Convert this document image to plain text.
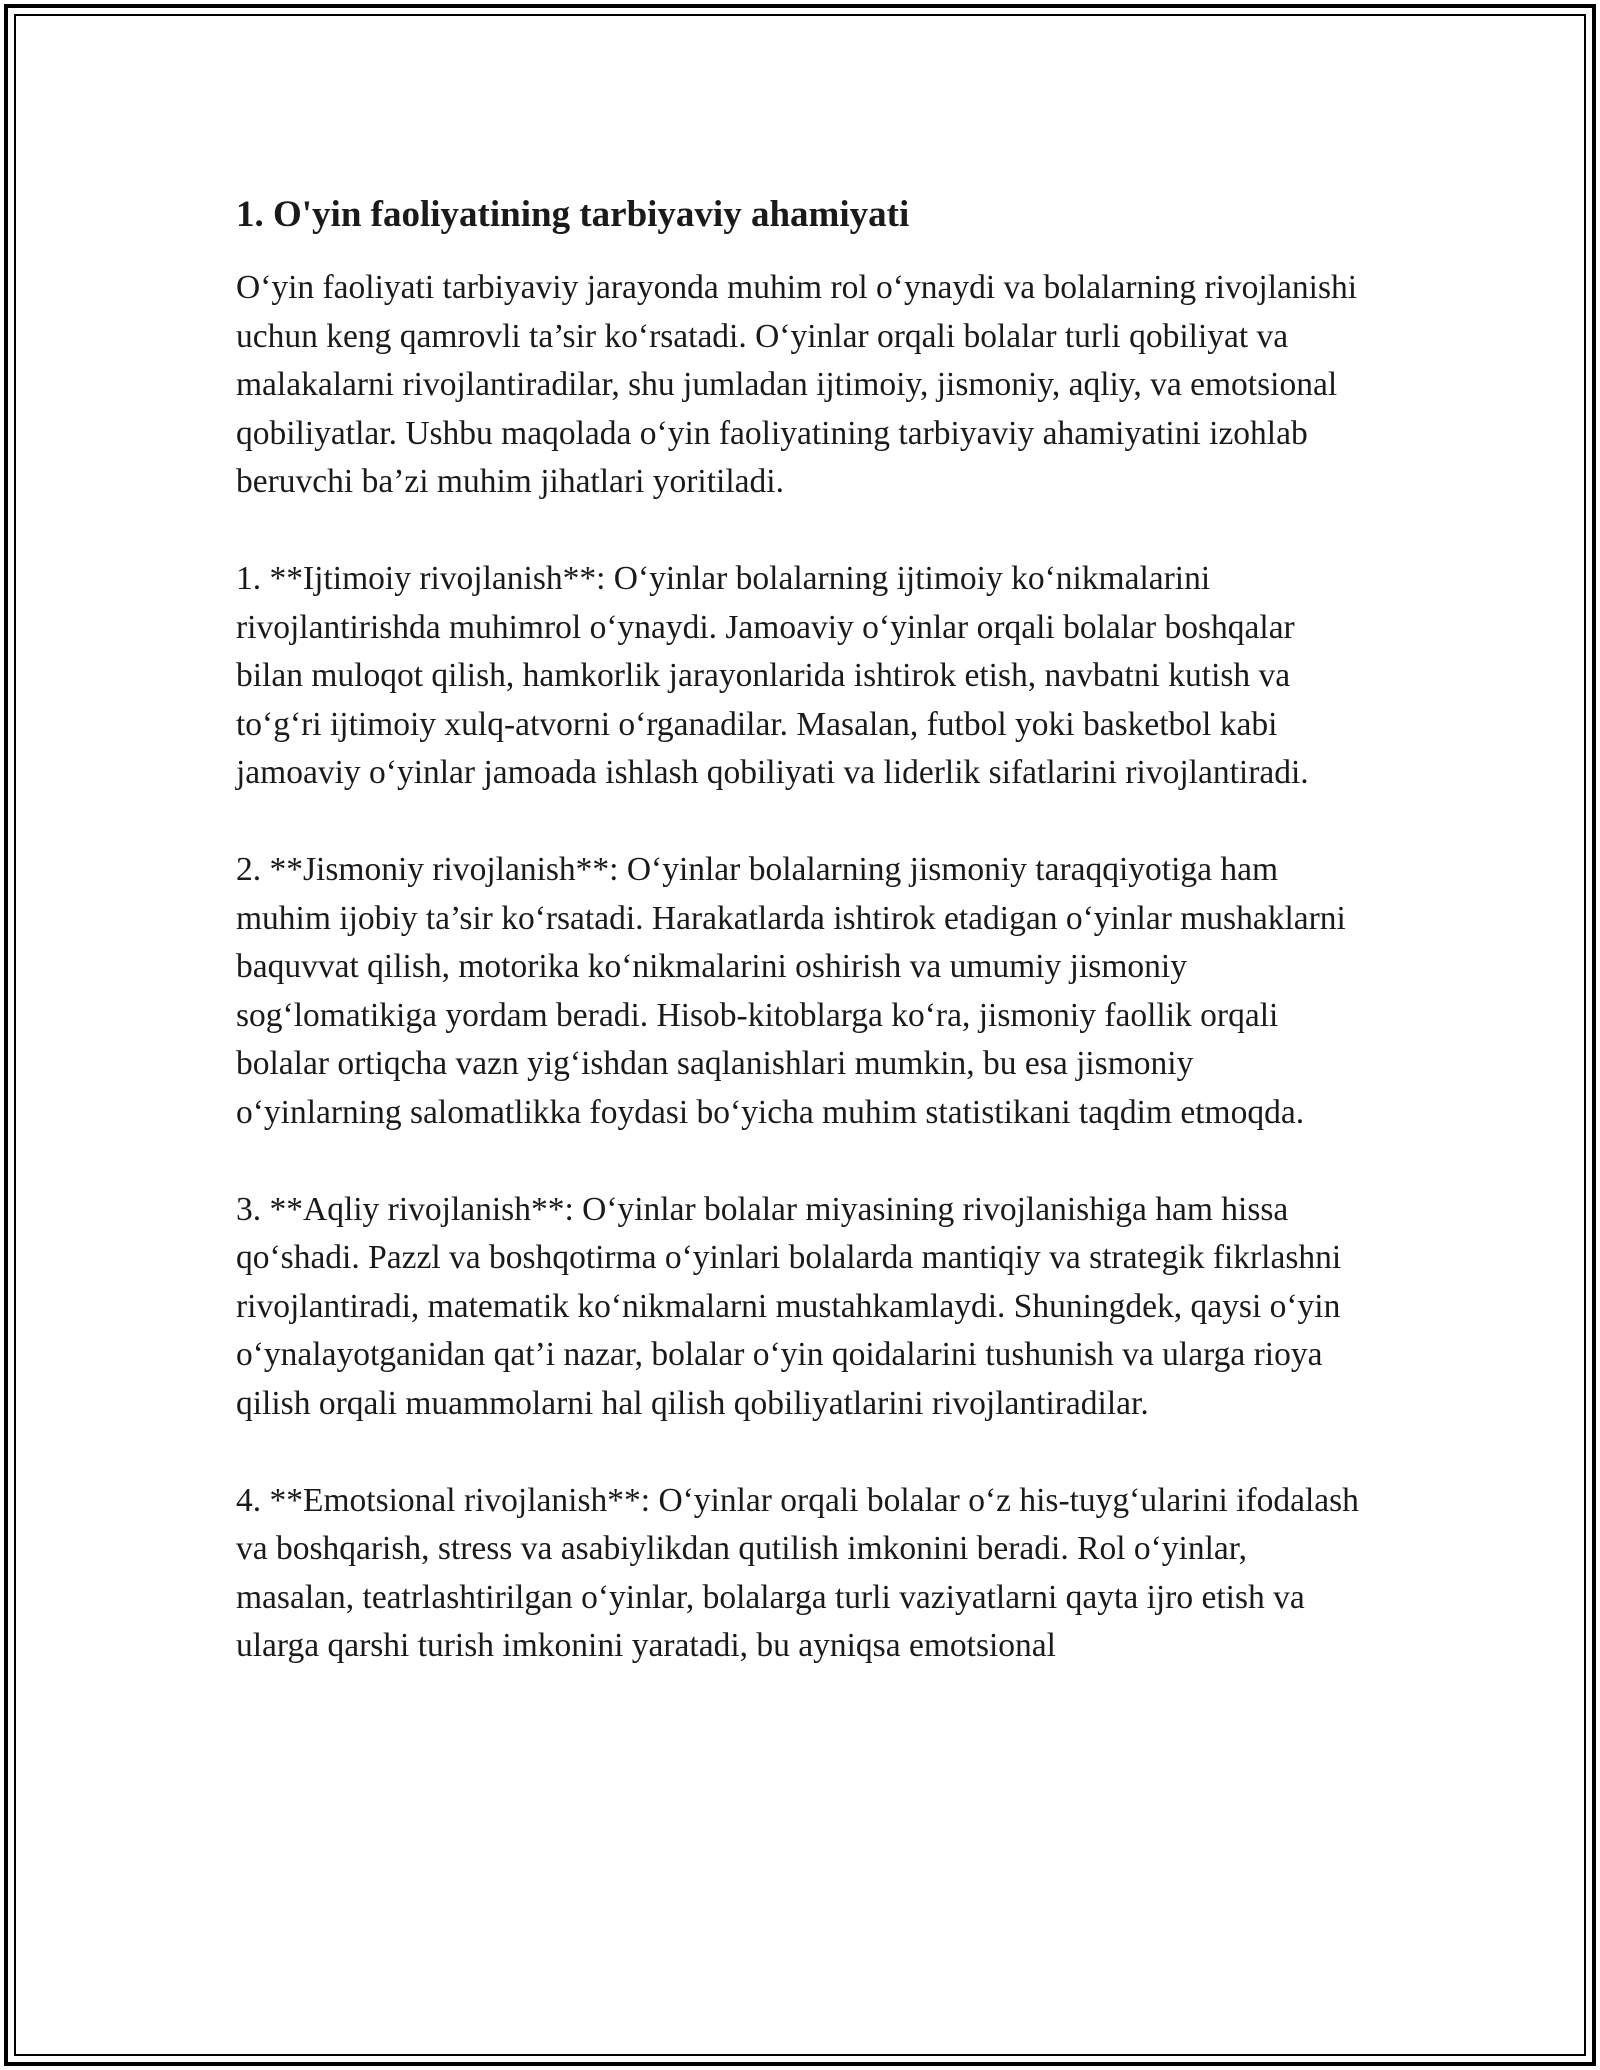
1. O'yin faoliyatining tarbiyaviy ahamiyati

O‘yin faoliyati tarbiyaviy jarayonda muhim rol o‘ynaydi va bolalarning rivojlanishi uchun keng qamrovli ta’sir ko‘rsatadi. O‘yinlar orqali bolalar turli qobiliyat va malakalarni rivojlantiradilar, shu jumladan ijtimoiy, jismoniy, aqliy, va emotsional qobiliyatlar. Ushbu maqolada o‘yin faoliyatining tarbiyaviy ahamiyatini izohlab beruvchi ba’zi muhim jihatlari yoritiladi.

1. **Ijtimoiy rivojlanish**: O‘yinlar bolalarning ijtimoiy ko‘nikmalarini rivojlantirishda muhimrol o‘ynaydi. Jamoaviy o‘yinlar orqali bolalar boshqalar bilan muloqot qilish, hamkorlik jarayonlarida ishtirok etish, navbatni kutish va to‘g‘ri ijtimoiy xulq-atvorni o‘rganadilar. Masalan, futbol yoki basketbol kabi jamoaviy o‘yinlar jamoada ishlash qobiliyati va liderlik sifatlarini rivojlantiradi.

2. **Jismoniy rivojlanish**: O‘yinlar bolalarning jismoniy taraqqiyotiga ham muhim ijobiy ta’sir ko‘rsatadi. Harakatlarda ishtirok etadigan o‘yinlar mushaklarni baquvvat qilish, motorika ko‘nikmalarini oshirish va umumiy jismoniy sog‘lomatikiga yordam beradi. Hisob-kitoblarga ko‘ra, jismoniy faollik orqali bolalar ortiqcha vazn yig‘ishdan saqlanishlari mumkin, bu esa jismoniy o‘yinlarning salomatlikka foydasi bo‘yicha muhim statistikani taqdim etmoqda.

3. **Aqliy rivojlanish**: O‘yinlar bolalar miyasining rivojlanishiga ham hissa qo‘shadi. Pazzl va boshqotirma o‘yinlari bolalarda mantiqiy va strategik fikrlashni rivojlantiradi, matematik ko‘nikmalarni mustahkamlaydi. Shuningdek, qaysi o‘yin o‘ynalayotganidan qat’i nazar, bolalar o‘yin qoidalarini tushunish va ularga rioya qilish orqali muammolarni hal qilish qobiliyatlarini rivojlantiradilar.

4. **Emotsional rivojlanish**: O‘yinlar orqali bolalar o‘z his-tuyg‘ularini ifodalash va boshqarish, stress va asabiylikdan qutilish imkonini beradi. Rol o‘yinlar, masalan, teatrlashtirilgan o‘yinlar, bolalarga turli vaziyatlarni qayta ijro etish va ularga qarshi turish imkonini yaratadi, bu ayniqsa emotsional
